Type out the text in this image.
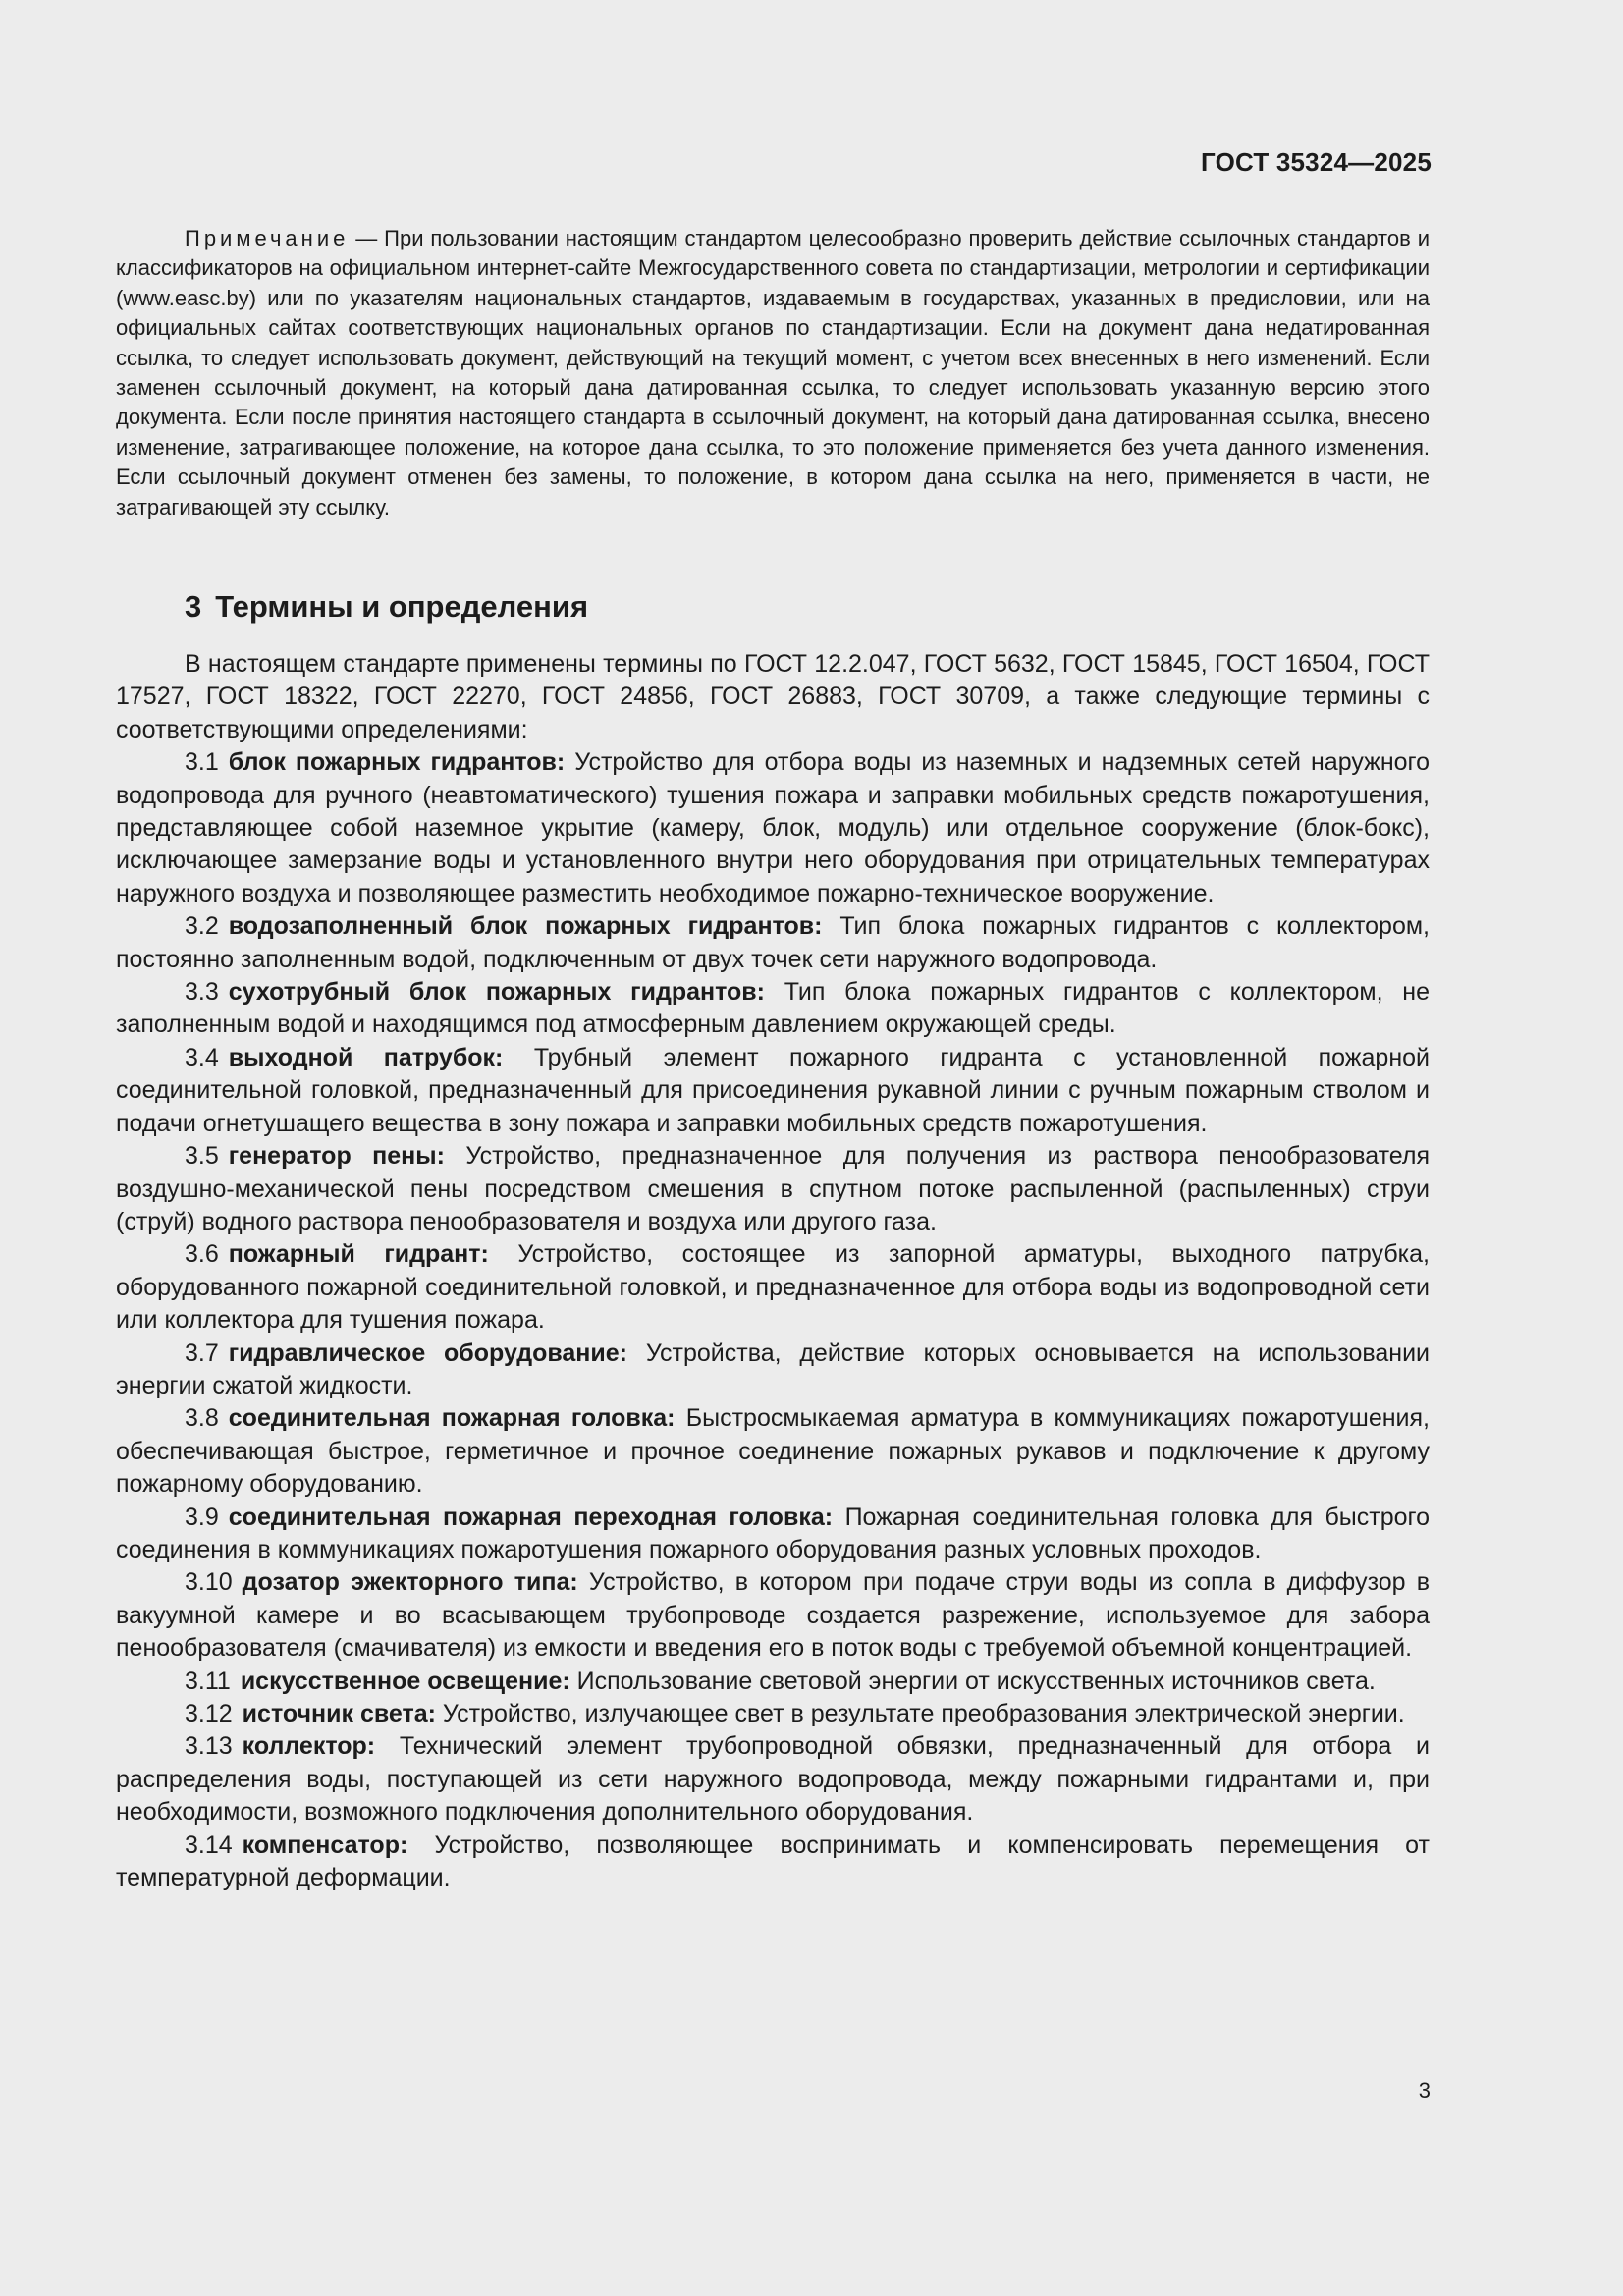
ГОСТ 35324—2025

Примечание — При пользовании настоящим стандартом целесообразно проверить действие ссылочных стандартов и классификаторов на официальном интернет-сайте Межгосударственного совета по стандартизации, метрологии и сертификации (www.easc.by) или по указателям национальных стандартов, издаваемым в государствах, указанных в предисловии, или на официальных сайтах соответствующих национальных органов по стандартизации. Если на документ дана недатированная ссылка, то следует использовать документ, действующий на текущий момент, с учетом всех внесенных в него изменений. Если заменен ссылочный документ, на который дана датированная ссылка, то следует использовать указанную версию этого документа. Если после принятия настоящего стандарта в ссылочный документ, на который дана датированная ссылка, внесено изменение, затрагивающее положение, на которое дана ссылка, то это положение применяется без учета данного изменения. Если ссылочный документ отменен без замены, то положение, в котором дана ссылка на него, применяется в части, не затрагивающей эту ссылку.

3 Термины и определения

В настоящем стандарте применены термины по ГОСТ 12.2.047, ГОСТ 5632, ГОСТ 15845, ГОСТ 16504, ГОСТ 17527, ГОСТ 18322, ГОСТ 22270, ГОСТ 24856, ГОСТ 26883, ГОСТ 30709, а также следующие термины с соответствующими определениями:

3.1 блок пожарных гидрантов: Устройство для отбора воды из наземных и надземных сетей наружного водопровода для ручного (неавтоматического) тушения пожара и заправки мобильных средств пожаротушения, представляющее собой наземное укрытие (камеру, блок, модуль) или отдельное сооружение (блок-бокс), исключающее замерзание воды и установленного внутри него оборудования при отрицательных температурах наружного воздуха и позволяющее разместить необходимое пожарно-техническое вооружение.

3.2 водозаполненный блок пожарных гидрантов: Тип блока пожарных гидрантов с коллектором, постоянно заполненным водой, подключенным от двух точек сети наружного водопровода.

3.3 сухотрубный блок пожарных гидрантов: Тип блока пожарных гидрантов с коллектором, не заполненным водой и находящимся под атмосферным давлением окружающей среды.

3.4 выходной патрубок: Трубный элемент пожарного гидранта с установленной пожарной соединительной головкой, предназначенный для присоединения рукавной линии с ручным пожарным стволом и подачи огнетушащего вещества в зону пожара и заправки мобильных средств пожаротушения.

3.5 генератор пены: Устройство, предназначенное для получения из раствора пенообразователя воздушно-механической пены посредством смешения в спутном потоке распыленной (распыленных) струи (струй) водного раствора пенообразователя и воздуха или другого газа.

3.6 пожарный гидрант: Устройство, состоящее из запорной арматуры, выходного патрубка, оборудованного пожарной соединительной головкой, и предназначенное для отбора воды из водопроводной сети или коллектора для тушения пожара.

3.7 гидравлическое оборудование: Устройства, действие которых основывается на использовании энергии сжатой жидкости.

3.8 соединительная пожарная головка: Быстросмыкаемая арматура в коммуникациях пожаротушения, обеспечивающая быстрое, герметичное и прочное соединение пожарных рукавов и подключение к другому пожарному оборудованию.

3.9 соединительная пожарная переходная головка: Пожарная соединительная головка для быстрого соединения в коммуникациях пожаротушения пожарного оборудования разных условных проходов.

3.10 дозатор эжекторного типа: Устройство, в котором при подаче струи воды из сопла в диффузор в вакуумной камере и во всасывающем трубопроводе создается разрежение, используемое для забора пенообразователя (смачивателя) из емкости и введения его в поток воды с требуемой объемной концентрацией.

3.11 искусственное освещение: Использование световой энергии от искусственных источников света.

3.12 источник света: Устройство, излучающее свет в результате преобразования электрической энергии.

3.13 коллектор: Технический элемент трубопроводной обвязки, предназначенный для отбора и распределения воды, поступающей из сети наружного водопровода, между пожарными гидрантами и, при необходимости, возможного подключения дополнительного оборудования.

3.14 компенсатор: Устройство, позволяющее воспринимать и компенсировать перемещения от температурной деформации.

3
